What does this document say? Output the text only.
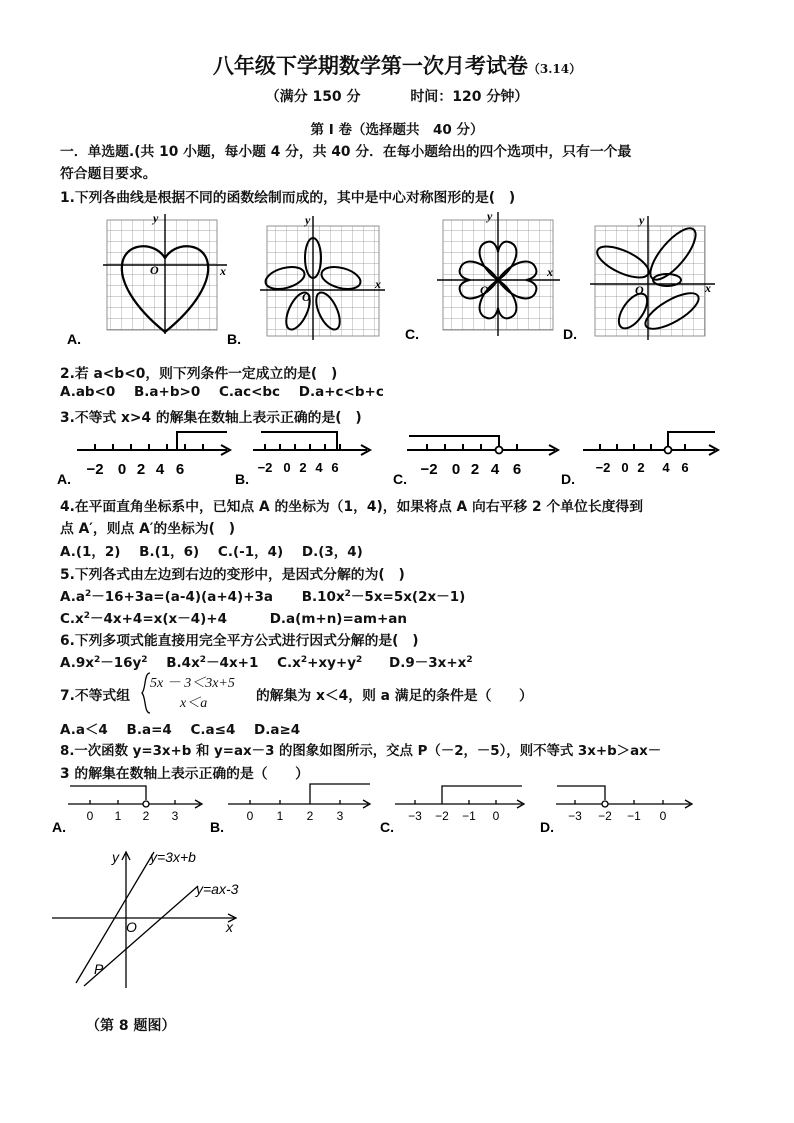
八年级下学期数学第一次月考试卷（3.14）
（满分 150 分	时间：120 分钟）
第 I 卷（选择题共　40 分）
一．单选题.(共 10 小题，每小题 4 分，共 40 分．在每小题给出的四个选项中，只有一个最
符合题目要求。
1.下列各曲线是根据不同的函数绘制而成的，其中是中心对称图形的是(　)
O	x
y
A.
O
x
y
B.
O
x
y
C.
O	x
y
D.
2.若 a<b<0，则下列条件一定成立的是(　)
A.ab<0 B.a+b>0 C.ac<bc D.a+c<b+c
3.不等式 x>4 的解集在数轴上表示正确的是(　)
−2 0 2 4 6	−2 0 2 4 6	−2 0 2 4 6	−2 0 2 4 6
A.	B.	C.	D.
4.在平面直角坐标系中，已知点 A 的坐标为（1，4)，如果将点 A 向右平移 2 个单位长度得到
点 A′，则点 A′的坐标为(　)
A.(1，2) B.(1，6) C.(-1，4) D.(3，4)
5.下列各式由左边到右边的变形中，是因式分解的为(　)
$A.a^2-16+3a=(a-4)(a+4)+3a$ $B.10x^2-5x=5x(2x-1)$
$C.x^2-4x+4=x(x-4)+4$	D.a(m+n)=am+an
6.下列多项式能直接用完全平方公式进行因式分解的是(　)
$A.9x^2-16y^2$ $B.4x^2-4x+1$ $C.x^2+xy+y^2$ $D.9-3x+x^2$
7.不等式组
5x － 3＜3x+5
x＜a	的解集为 x＜4，则 a 满足的条件是（　　）
A.a＜4 B.a=4 C.a≤4 D.a≥4
8.一次函数 y=3x+b 和 y=ax－3 的图象如图所示，交点 P（－2，－5），则不等式 3x+b＞ax－
3 的解集在数轴上表示正确的是（　　）
0 1 2 3	0 1 2 3	−3 −2 −1 0	−3 −2 −1 0
A.	B.	C.	D.
y
x
y=3x+b
y=ax-3
O
P
（第 8 题图）
